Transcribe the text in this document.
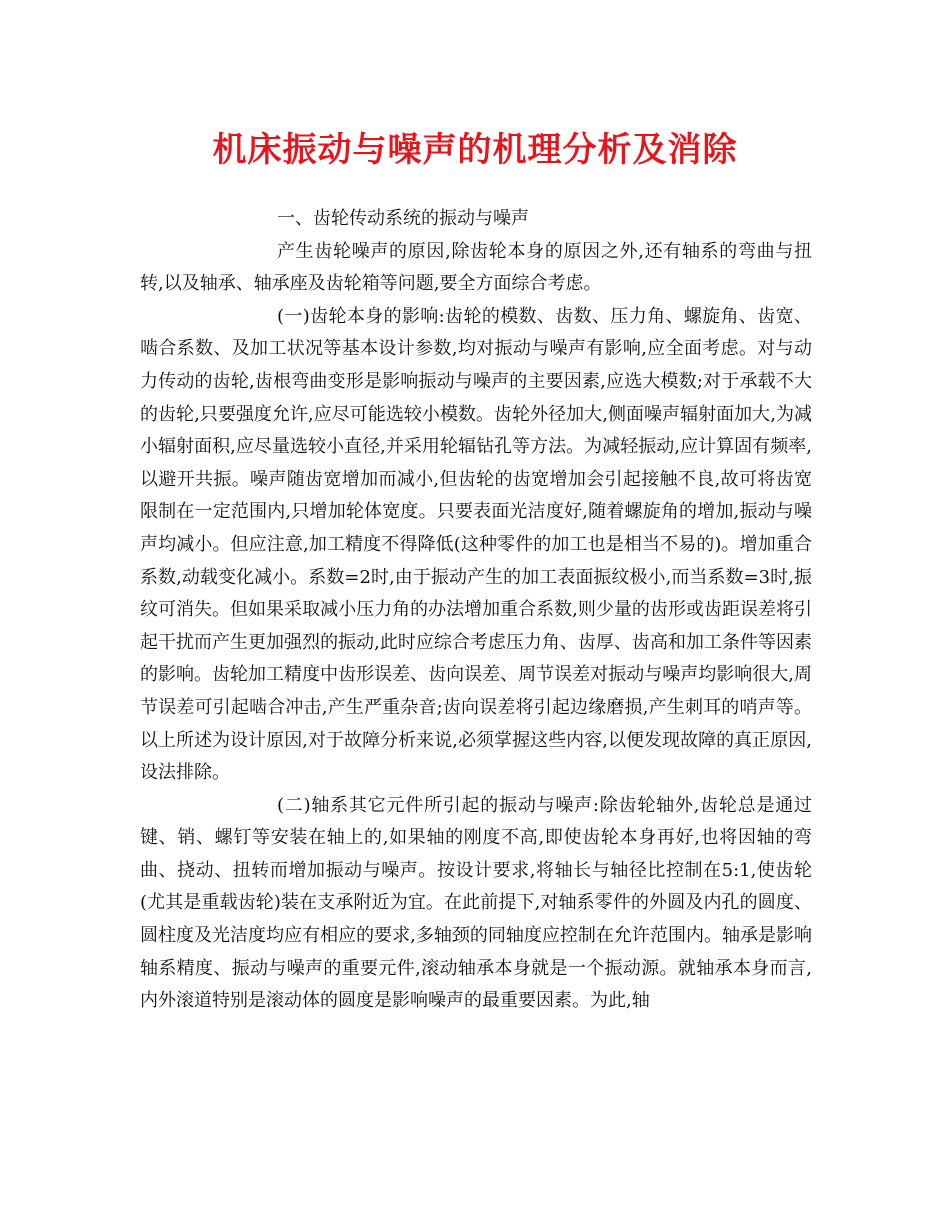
机床振动与噪声的机理分析及消除

一、齿轮传动系统的振动与噪声

产生齿轮噪声的原因,除齿轮本身的原因之外,还有轴系的弯曲与扭转,以及轴承、轴承座及齿轮箱等问题,要全方面综合考虑。

(一)齿轮本身的影响:齿轮的模数、齿数、压力角、螺旋角、齿宽、啮合系数、及加工状况等基本设计参数,均对振动与噪声有影响,应全面考虑。对与动力传动的齿轮,齿根弯曲变形是影响振动与噪声的主要因素,应选大模数;对于承载不大的齿轮,只要强度允许,应尽可能选较小模数。齿轮外径加大,侧面噪声辐射面加大,为减小辐射面积,应尽量选较小直径,并采用轮辐钻孔等方法。为减轻振动,应计算固有频率,以避开共振。噪声随齿宽增加而减小,但齿轮的齿宽增加会引起接触不良,故可将齿宽限制在一定范围内,只增加轮体宽度。只要表面光洁度好,随着螺旋角的增加,振动与噪声均减小。但应注意,加工精度不得降低(这种零件的加工也是相当不易的)。增加重合系数,动载变化减小。系数=2时,由于振动产生的加工表面振纹极小,而当系数=3时,振纹可消失。但如果采取减小压力角的办法增加重合系数,则少量的齿形或齿距误差将引起干扰而产生更加强烈的振动,此时应综合考虑压力角、齿厚、齿高和加工条件等因素的影响。齿轮加工精度中齿形误差、齿向误差、周节误差对振动与噪声均影响很大,周节误差可引起啮合冲击,产生严重杂音;齿向误差将引起边缘磨损,产生刺耳的哨声等。以上所述为设计原因,对于故障分析来说,必须掌握这些内容,以便发现故障的真正原因,设法排除。

(二)轴系其它元件所引起的振动与噪声:除齿轮轴外,齿轮总是通过键、销、螺钉等安装在轴上的,如果轴的刚度不高,即使齿轮本身再好,也将因轴的弯曲、挠动、扭转而增加振动与噪声。按设计要求,将轴长与轴径比控制在5:1,使齿轮(尤其是重载齿轮)装在支承附近为宜。在此前提下,对轴系零件的外圆及内孔的圆度、圆柱度及光洁度均应有相应的要求,多轴颈的同轴度应控制在允许范围内。轴承是影响轴系精度、振动与噪声的重要元件,滚动轴承本身就是一个振动源。就轴承本身而言,内外滚道特别是滚动体的圆度是影响噪声的最重要因素。为此,轴
